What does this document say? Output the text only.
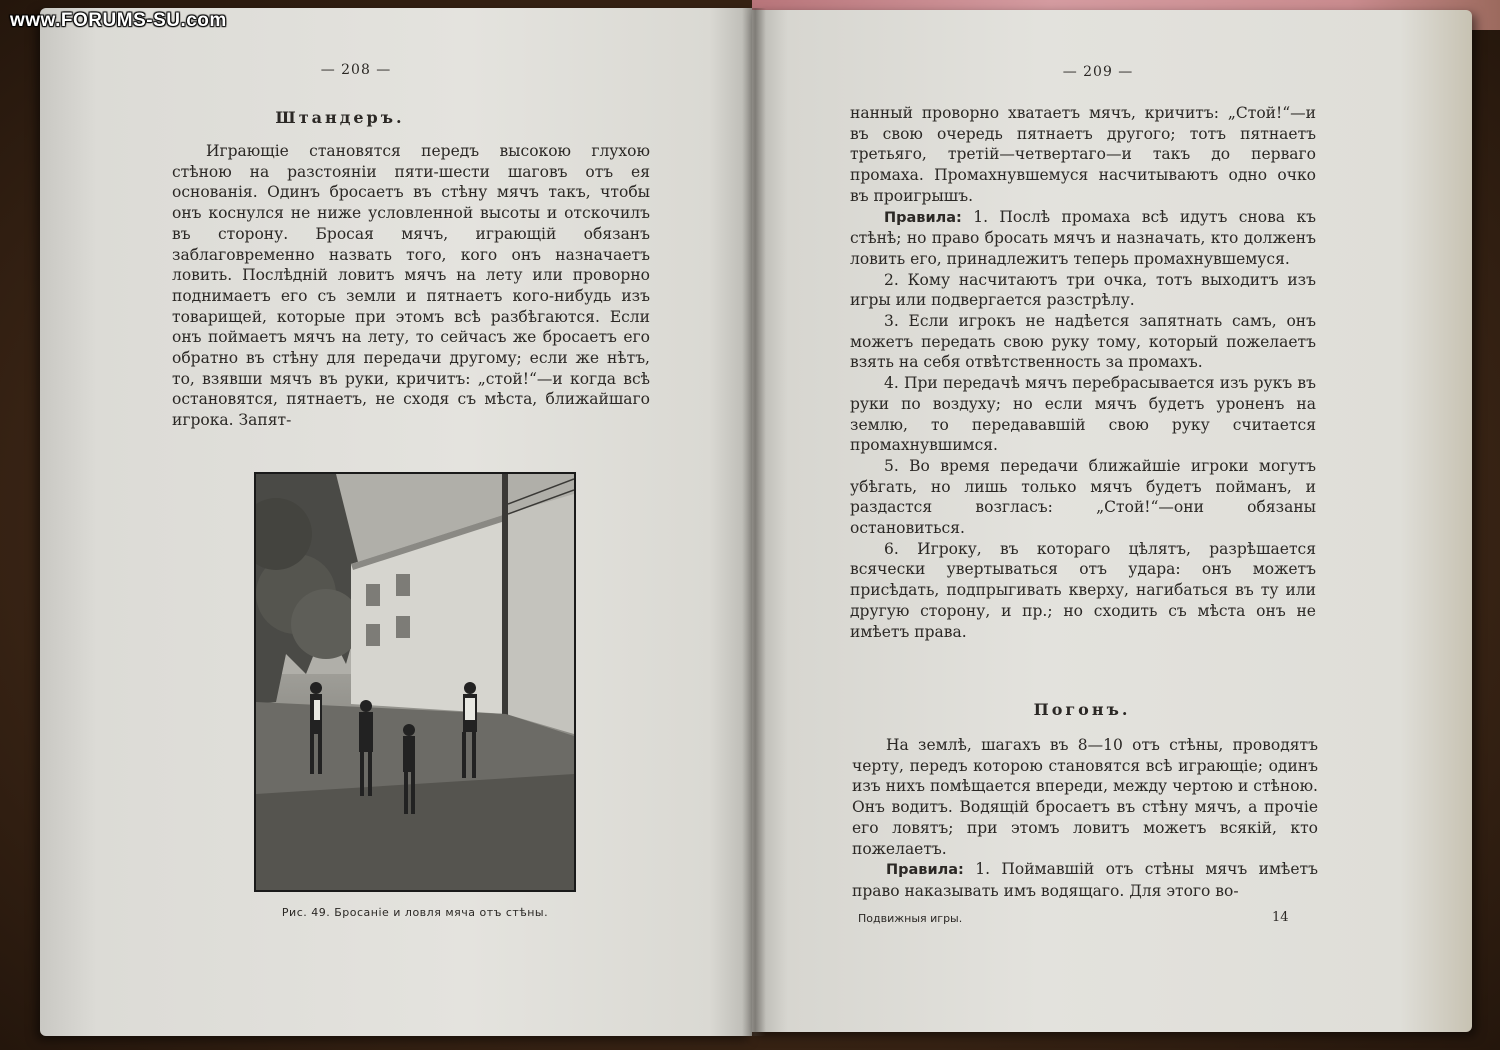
www.FORUMS-SU.com
— 208 —
Штандеръ.

Играющіе становятся передъ высокою глухою стѣною на разстояніи пяти-шести шаговъ отъ ея основанія. Одинъ бросаетъ въ стѣну мячъ такъ, чтобы онъ коснулся не ниже условленной высоты и отскочилъ въ сторону. Бросая мячъ, играющій обязанъ заблаговременно назвать того, кого онъ назначаетъ ловить. Послѣдній ловитъ мячъ на лету или проворно поднимаетъ его съ земли и пятнаетъ кого-нибудь изъ товарищей, которые при этомъ всѣ разбѣгаются. Если онъ поймаетъ мячъ на лету, то сейчасъ же бросаетъ его обратно въ стѣну для передачи другому; если же нѣтъ, то, взявши мячъ въ руки, кричитъ: „стой!“—и когда всѣ остановятся, пятнаетъ, не сходя съ мѣста, ближайшаго игрока. Запят-

Рис. 49. Бросаніе и ловля мяча отъ стѣны.
— 209 —

нанный проворно хватаетъ мячъ, кричитъ: „Стой!“—и въ свою очередь пятнаетъ другого; тотъ пятнаетъ третьяго, третій—четвертаго—и такъ до перваго промаха. Промахнувшемуся насчитываютъ одно очко въ проигрышъ.

Правила: 1. Послѣ промаха всѣ идутъ снова къ стѣнѣ; но право бросать мячъ и назначать, кто долженъ ловить его, принадлежитъ теперь промахнувшемуся.

2. Кому насчитаютъ три очка, тотъ выходитъ изъ игры или подвергается разстрѣлу.

3. Если игрокъ не надѣется запятнать самъ, онъ можетъ передать свою руку тому, который пожелаетъ взять на себя отвѣтственность за промахъ.

4. При передачѣ мячъ перебрасывается изъ рукъ въ руки по воздуху; но если мячъ будетъ уроненъ на землю, то передававшій свою руку считается промахнувшимся.

5. Во время передачи ближайшіе игроки могутъ убѣгать, но лишь только мячъ будетъ пойманъ, и раздастся возгласъ: „Стой!“—они обязаны остановиться.

6. Игроку, въ котораго цѣлятъ, разрѣшается всячески увертываться отъ удара: онъ можетъ присѣдать, подпрыгивать кверху, нагибаться въ ту или другую сторону, и пр.; но сходить съ мѣста онъ не имѣетъ права.

Погонъ.

На землѣ, шагахъ въ 8—10 отъ стѣны, проводятъ черту, передъ которою становятся всѣ играющіе; одинъ изъ нихъ помѣщается впереди, между чертою и стѣною. Онъ водитъ. Водящій бросаетъ въ стѣну мячъ, а прочіе его ловятъ; при этомъ ловитъ можетъ всякій, кто пожелаетъ.

Правила: 1. Поймавшій отъ стѣны мячъ имѣетъ право наказывать имъ водящаго. Для этого во-

Подвижныя игры.	14
